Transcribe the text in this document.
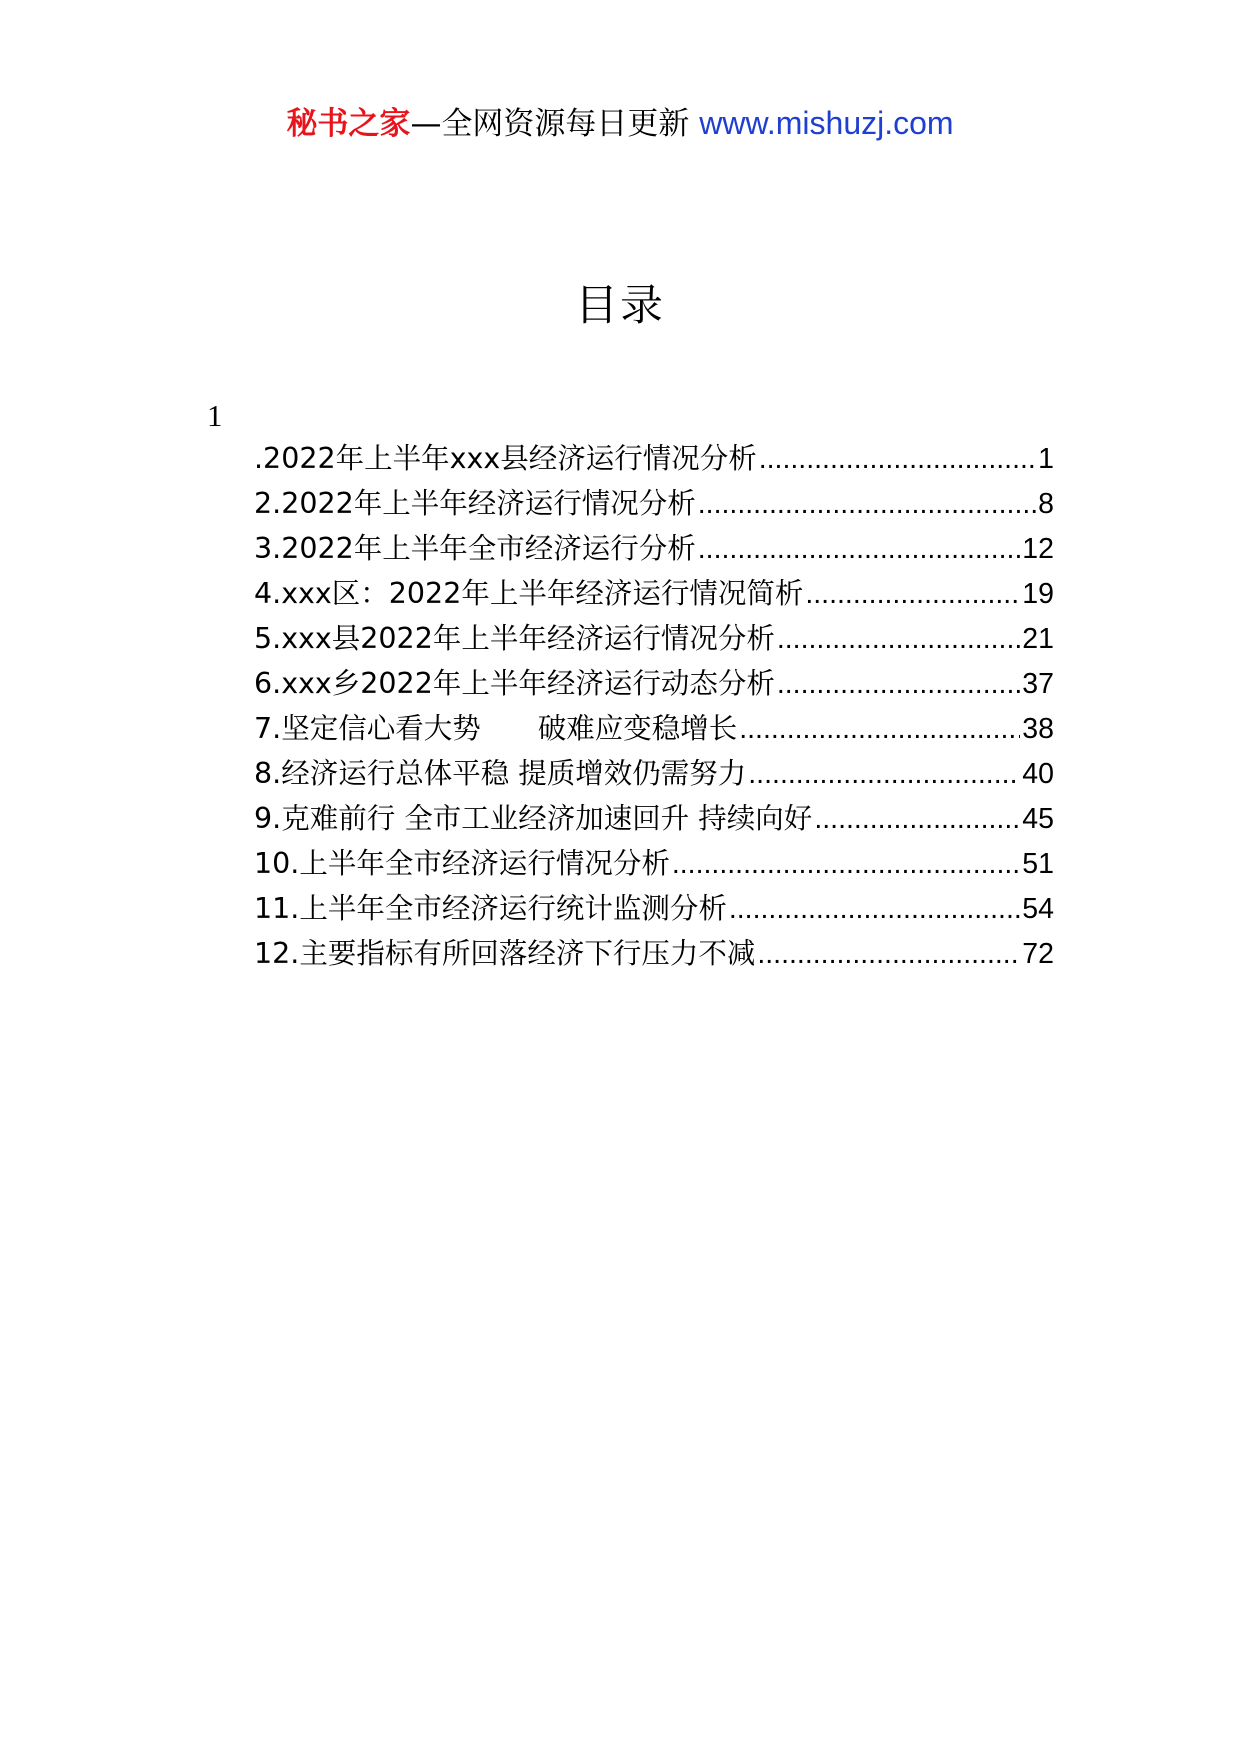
秘书之家—全网资源每日更新 www.mishuzj.com
目录
1
.2022年上半年xxx县经济运行情况分析 .....	1
2.2022年上半年经济运行情况分析 .....	8
3.2022年上半年全市经济运行分析 .....	12
4.xxx区：2022年上半年经济运行情况简析 .....	19
5.xxx县2022年上半年经济运行情况分析 .....	21
6.xxx乡2022年上半年经济运行动态分析 .....	37
7.坚定信心看大势　　破难应变稳增长 .....	38
8.经济运行总体平稳 提质增效仍需努力 .....	40
9.克难前行 全市工业经济加速回升 持续向好 .....	45
10.上半年全市经济运行情况分析 .....	51
11.上半年全市经济运行统计监测分析 .....	54
12.主要指标有所回落经济下行压力不减 .....	72
